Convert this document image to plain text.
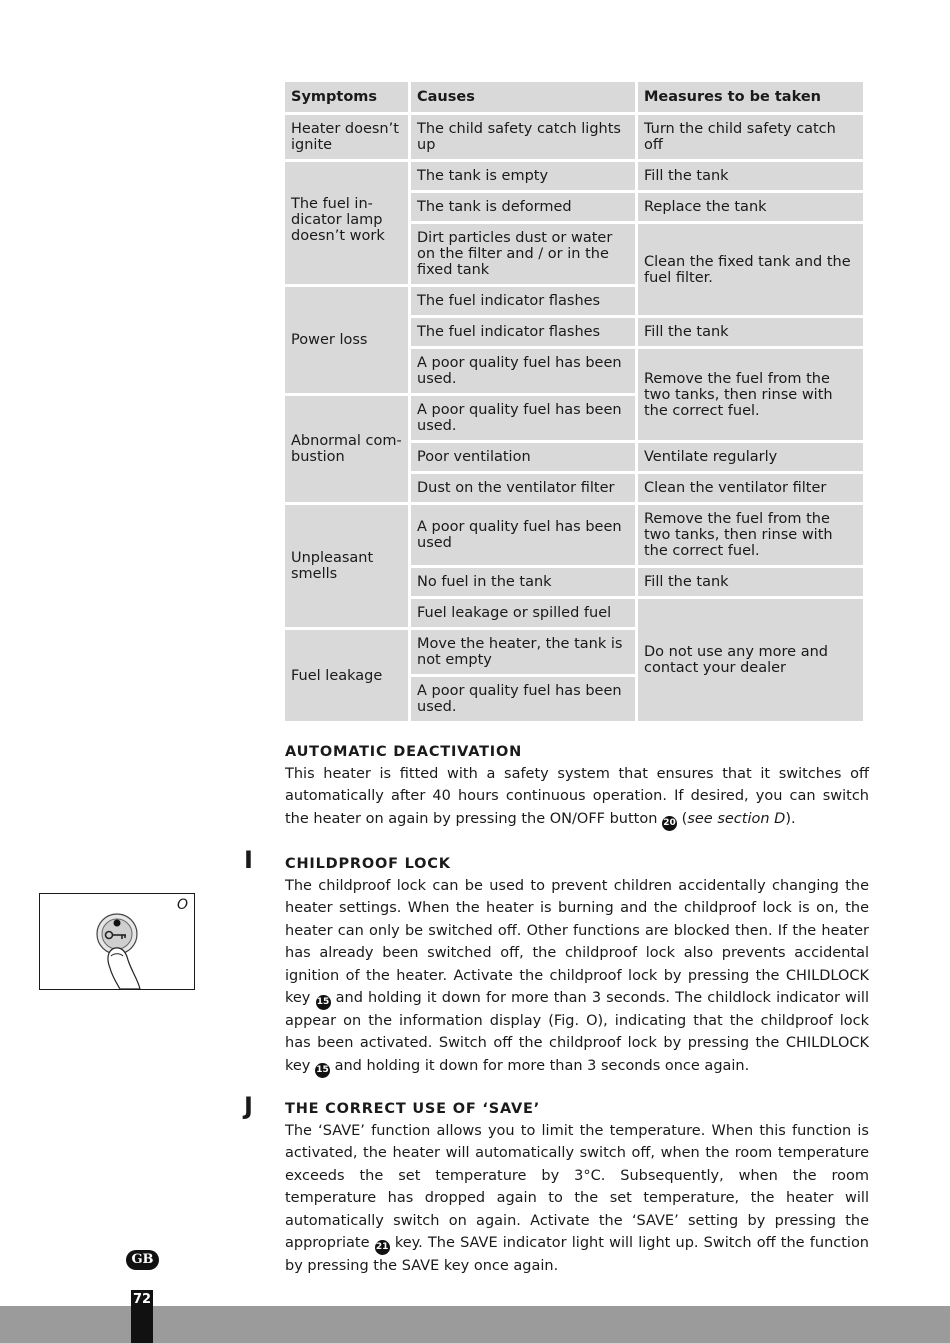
Symptoms	Causes	Measures to be taken
Heater doesn’t ignite	The child safety catch lights up	Turn the child safety catch off
The fuel in-dicator lamp doesn’t work	The tank is empty	Fill the tank
	The tank is deformed	Replace the tank
	Dirt particles dust or water on the filter and / or in the fixed tank	Clean the fixed tank and the fuel filter.
Power loss	The fuel indicator flashes	
	The fuel indicator flashes	Fill the tank
	A poor quality fuel has been used.	Remove the fuel from the two tanks, then rinse with the correct fuel.
Abnormal com-bustion	A poor quality fuel has been used.	
	Poor ventilation	Ventilate regularly
	Dust on the ventilator filter	Clean the ventilator filter
Unpleasant smells	A poor quality fuel has been used	Remove the fuel from the two tanks, then rinse with the correct fuel.
	No fuel in the tank	Fill the tank
	Fuel leakage or spilled fuel	Do not use any more and contact your dealer
Fuel leakage	Move the heater, the tank is not empty	
	A poor quality fuel has been used.	
AUTOMATIC DEACTIVATION

This heater is fitted with a safety system that ensures that it switches off automatically after 40 hours continuous operation. If desired, you can switch the heater on again by pressing the ON/OFF button 20 (see section D).

I CHILDPROOF LOCK

The childproof lock can be used to prevent children accidentally changing the heater settings. When the heater is burning and the childproof lock is on, the heater can only be switched off. Other functions are blocked then. If the heater has already been switched off, the childproof lock also prevents accidental ignition of the heater. Activate the childproof lock by pressing the CHILDLOCK key 15 and holding it down for more than 3 seconds. The childlock indicator will appear on the information display (Fig. O), indicating that the childproof lock has been activated. Switch off the childproof lock by pressing the CHILDLOCK key 15 and holding it down for more than 3 seconds once again.

O
J THE CORRECT USE OF ‘SAVE’

The ‘SAVE’ function allows you to limit the temperature. When this function is activated, the heater will automatically switch off, when the room temperature exceeds the set temperature by 3°C. Subsequently, when the room temperature has dropped again to the set temperature, the heater will automatically switch on again. Activate the ‘SAVE’ setting by pressing the appropriate 21 key. The SAVE indicator light will light up. Switch off the function by pressing the SAVE key once again.

GB
72
